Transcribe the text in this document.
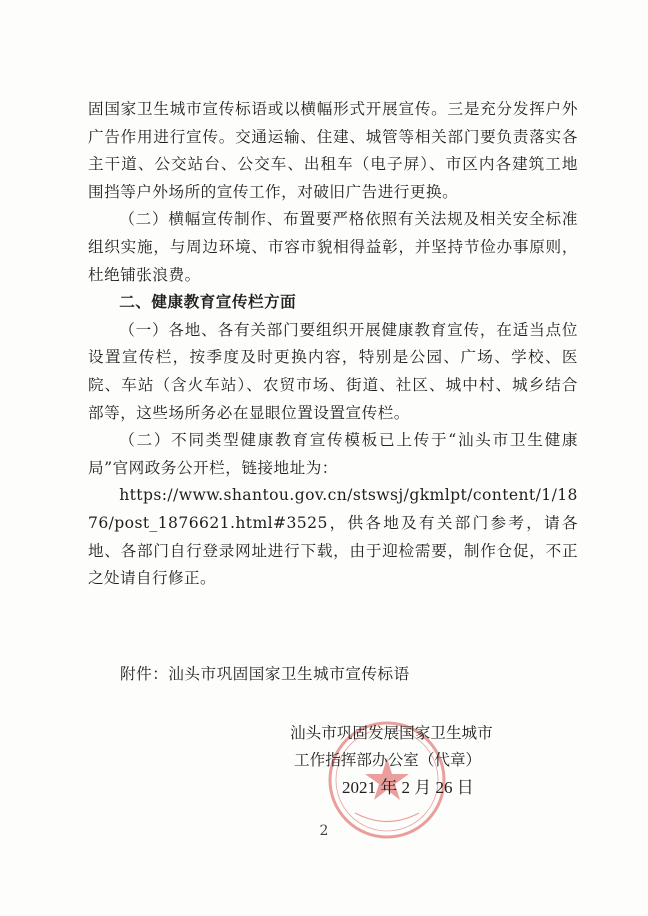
固国家卫生城市宣传标语或以横幅形式开展宣传。三是充分发挥户外广告作用进行宣传。交通运输、住建、城管等相关部门要负责落实各主干道、公交站台、公交车、出租车（电子屏）、市区内各建筑工地围挡等户外场所的宣传工作，对破旧广告进行更换。

（二）横幅宣传制作、布置要严格依照有关法规及相关安全标准组织实施，与周边环境、市容市貌相得益彰，并坚持节俭办事原则，杜绝铺张浪费。

二、健康教育宣传栏方面

（一）各地、各有关部门要组织开展健康教育宣传，在适当点位设置宣传栏，按季度及时更换内容，特别是公园、广场、学校、医院、车站（含火车站）、农贸市场、街道、社区、城中村、城乡结合部等，这些场所务必在显眼位置设置宣传栏。

（二）不同类型健康教育宣传模板已上传于“汕头市卫生健康局”官网政务公开栏，链接地址为：

https://www.shantou.gov.cn/stswsj/gkmlpt/content/1/1876/post_1876621.html#3525，供各地及有关部门参考，请各地、各部门自行登录网址进行下载，由于迎检需要，制作仓促，不正之处请自行修正。

附件：汕头市巩固国家卫生城市宣传标语
汕头市巩固发展国家卫生城市
工作指挥部办公室（代章）
2021 年 2 月 26 日
2
